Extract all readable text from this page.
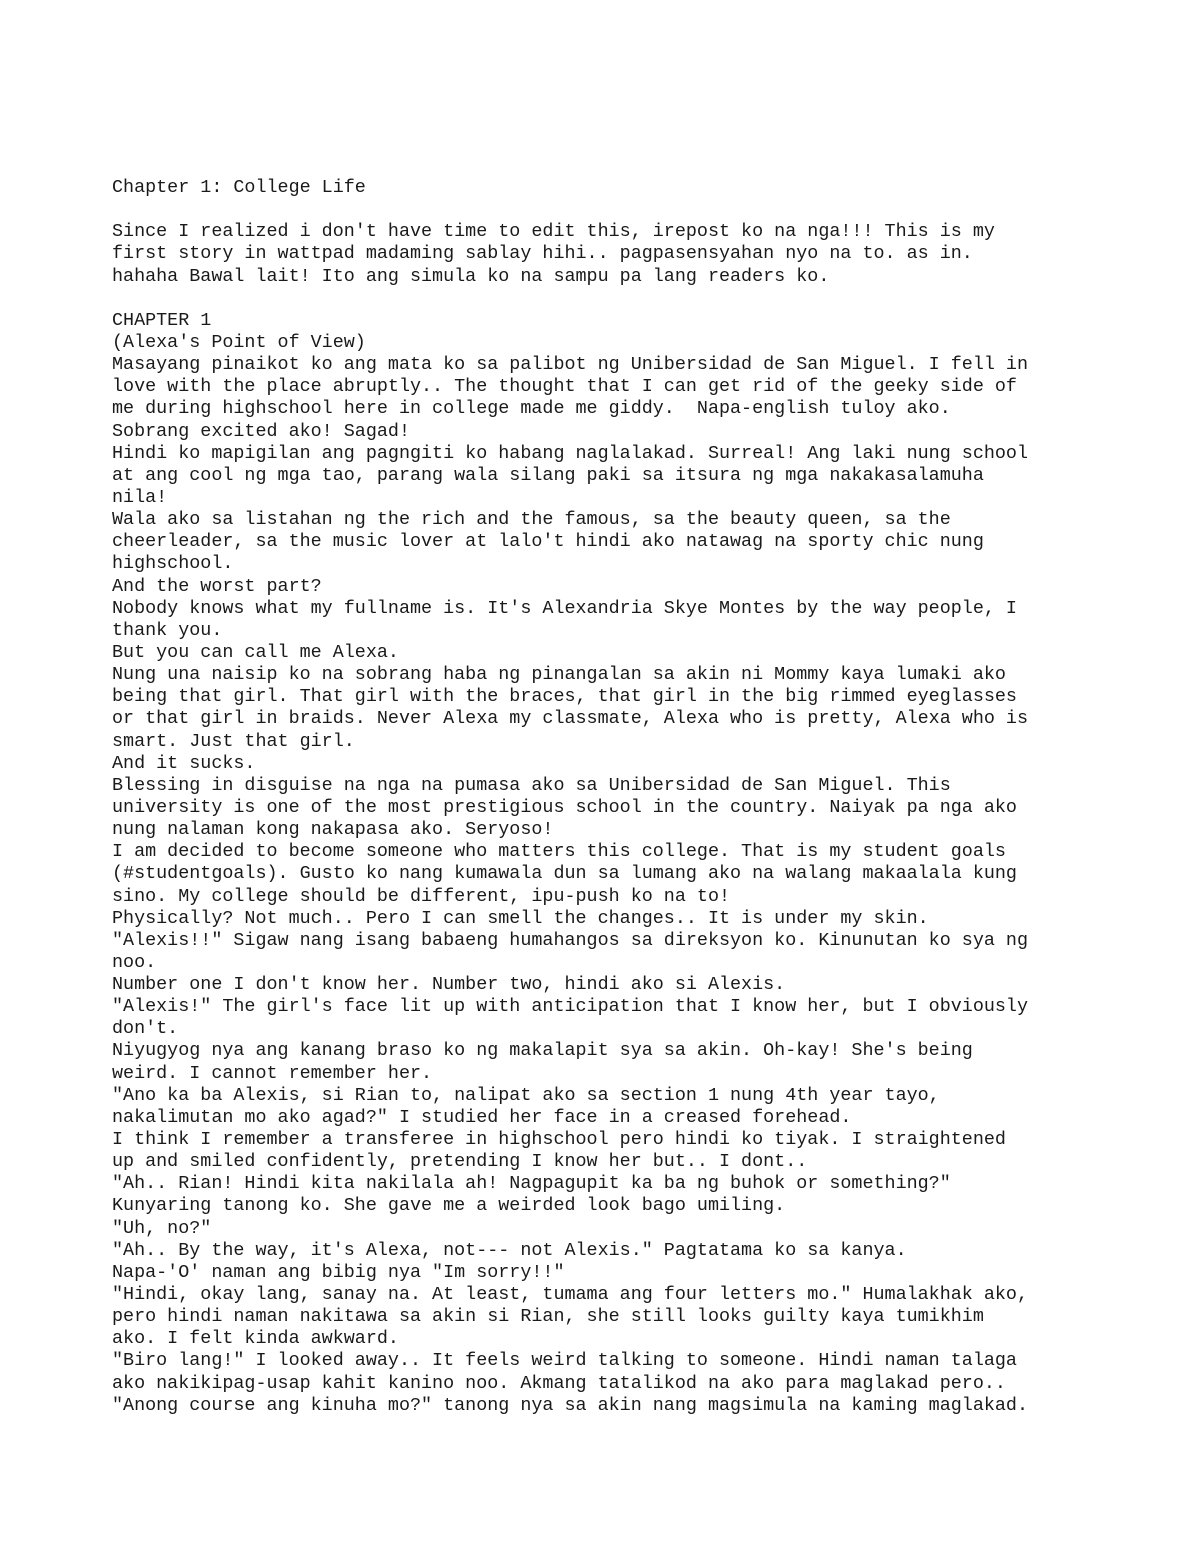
Chapter 1: College Life
Since I realized i don't have time to edit this, irepost ko na nga!!! This is my
first story in wattpad madaming sablay hihi.. pagpasensyahan nyo na to. as in.
hahaha Bawal lait! Ito ang simula ko na sampu pa lang readers ko.
CHAPTER 1
(Alexa's Point of View)
Masayang pinaikot ko ang mata ko sa palibot ng Unibersidad de San Miguel. I fell in
love with the place abruptly.. The thought that I can get rid of the geeky side of
me during highschool here in college made me giddy.  Napa-english tuloy ako.
Sobrang excited ako! Sagad!
Hindi ko mapigilan ang pagngiti ko habang naglalakad. Surreal! Ang laki nung school
at ang cool ng mga tao, parang wala silang paki sa itsura ng mga nakakasalamuha
nila!
Wala ako sa listahan ng the rich and the famous, sa the beauty queen, sa the
cheerleader, sa the music lover at lalo't hindi ako natawag na sporty chic nung
highschool.
And the worst part?
Nobody knows what my fullname is. It's Alexandria Skye Montes by the way people, I
thank you.
But you can call me Alexa.
Nung una naisip ko na sobrang haba ng pinangalan sa akin ni Mommy kaya lumaki ako
being that girl. That girl with the braces, that girl in the big rimmed eyeglasses
or that girl in braids. Never Alexa my classmate, Alexa who is pretty, Alexa who is
smart. Just that girl.
And it sucks.
Blessing in disguise na nga na pumasa ako sa Unibersidad de San Miguel. This
university is one of the most prestigious school in the country. Naiyak pa nga ako
nung nalaman kong nakapasa ako. Seryoso!
I am decided to become someone who matters this college. That is my student goals
(#studentgoals). Gusto ko nang kumawala dun sa lumang ako na walang makaalala kung
sino. My college should be different, ipu-push ko na to!
Physically? Not much.. Pero I can smell the changes.. It is under my skin.
"Alexis!!" Sigaw nang isang babaeng humahangos sa direksyon ko. Kinunutan ko sya ng
noo.
Number one I don't know her. Number two, hindi ako si Alexis.
"Alexis!" The girl's face lit up with anticipation that I know her, but I obviously
don't.
Niyugyog nya ang kanang braso ko ng makalapit sya sa akin. Oh-kay! She's being
weird. I cannot remember her.
"Ano ka ba Alexis, si Rian to, nalipat ako sa section 1 nung 4th year tayo,
nakalimutan mo ako agad?" I studied her face in a creased forehead.
I think I remember a transferee in highschool pero hindi ko tiyak. I straightened
up and smiled confidently, pretending I know her but.. I dont..
"Ah.. Rian! Hindi kita nakilala ah! Nagpagupit ka ba ng buhok or something?"
Kunyaring tanong ko. She gave me a weirded look bago umiling.
"Uh, no?"
"Ah.. By the way, it's Alexa, not--- not Alexis." Pagtatama ko sa kanya.
Napa-'O' naman ang bibig nya "Im sorry!!"
"Hindi, okay lang, sanay na. At least, tumama ang four letters mo." Humalakhak ako,
pero hindi naman nakitawa sa akin si Rian, she still looks guilty kaya tumikhim
ako. I felt kinda awkward.
"Biro lang!" I looked away.. It feels weird talking to someone. Hindi naman talaga
ako nakikipag-usap kahit kanino noo. Akmang tatalikod na ako para maglakad pero..
"Anong course ang kinuha mo?" tanong nya sa akin nang magsimula na kaming maglakad.
